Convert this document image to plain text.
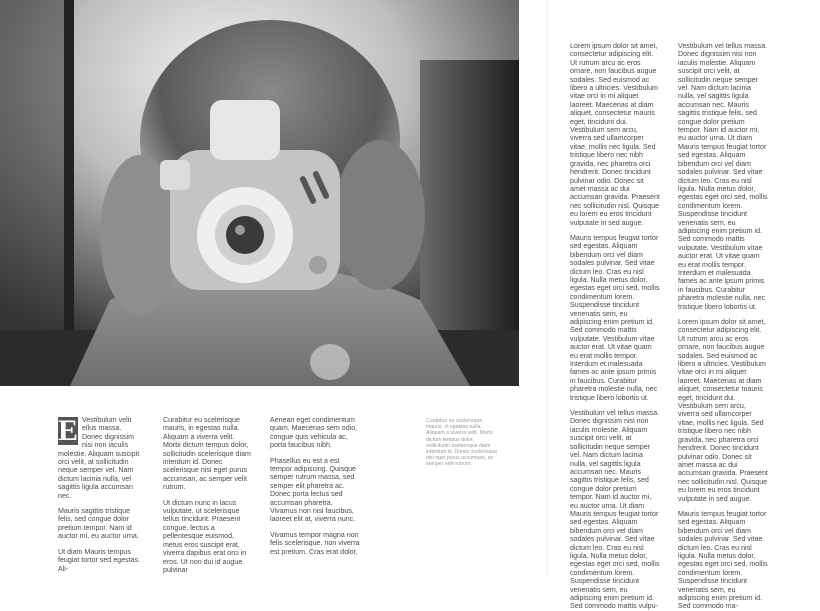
E Vestibulum velit ellus massa. Donec dignissim nisi non iaculis molestie. Aliquam suscipit orci velit, at sollicitudin neque semper vel. Nam dictum lacinia nulla, vel sagittis ligula accumsan nec.

Mauris sagittis tristique felis, sed congue dolor pretium tempor. Nam id auctor mi, eu auctor urna.

Ut diam Mauris tempus feugiat tortor sed egestas. Ali-

Curabitur eu scelerisque mauris, in egestas nulla. Aliquam a viverra velit. Morbi dictum tempus dolor, sollicitudin scelerisque diam interdum id. Donec scelerisque nisi eget purus accumsan, ac semper velit rutrum.

Ut dictum nunc in lacus vulputate, ut scelerisque tellus tincidunt. Praesent congue, lectus a pellentesque euismod, metus eros suscipit erat, viverra dapibus erat orci in eros. Ut non dui id augue pulvinar

Aenean eget condimentum quam. Maecenas sem odio, congue quis vehicula ac, porta faucibus nibh.

Phasellus eu est a est tempor adipiscing. Quisque semper rutrum massa, sed semper elit pharetra ac. Donec porta lectus sed accumsan pharetra. Vivamus non nisi faucibus, laoreet elit at, viverra nunc.

Vivamus tempor magna non felis scelerisque, non viverra est pretium. Cras erat dolor,

Curabitur eu scelerisque mauris, in egestas nulla. Aliquam a viverra velit. Morbi dictum tempus dolor, sollicitudin scelerisque diam interdum id. Donec scelerisque nisi eget purus accumsan, ac semper velit rutrum.

Lorem ipsum dolor sit amet, consectetur adipiscing elit. Ut rutrum arcu ac eros ornare, non faucibus augue sodales. Sed euismod ac libero a ultricies. Vestibulum vitae orci in mi aliquet laoreet. Maecenas at diam aliquet, consectetur mauris eget, tincidunt dui. Vestibulum sem arcu, viverra sed ullamcorper vitae, mollis nec ligula. Sed tristique libero nec nibh gravida, nec pharetra orci hendrerit. Donec tincidunt pulvinar odio. Donec sit amet massa ac dui accumsan gravida. Praesent nec sollicitudin nisl. Quisque eu lorem eu eros tincidunt vulputate in sed augue.

Mauris tempus feugiat tortor sed egestas. Aliquam bibendum orci vel diam sodales pulvinar. Sed vitae dictum leo. Cras eu nisl ligula. Nulla metus dolor, egestas eget orci sed, mollis condimentum lorem. Suspendisse tincidunt venenatis sem, eu adipiscing enim pretium id. Sed commodo mattis vulputate. Vestibulum vitae auctor erat. Ut vitae quam eu erat mollis tempor. Interdum et malesuada fames ac ante ipsum primis in faucibus. Curabitur pharetra molestie nulla, nec tristique libero lobortis ut.

Vestibulum vel tellus massa. Donec dignissim nisi non iaculis molestie. Aliquam suscipit orci velit, at sollicitudin neque semper vel. Nam dictum lacinia nulla, vel sagittis ligula accumsan nec. Mauris sagittis tristique felis, sed congue dolor pretium tempor. Nam id auctor mi, eu auctor urna. Ut diam Mauris tempus feugiat tortor sed egestas. Aliquam bibendum orci vel diam sodales pulvinar. Sed vitae dictum leo. Cras eu nisl ligula. Nulla metus dolor, egestas eget orci sed, mollis condimentum lorem. Suspendisse tincidunt venenatis sem, eu adipiscing enim pretium id. Sed commodo mattis vulpu-

Vestibulum vel tellus massa. Donec dignissim nisi non iaculis molestie. Aliquam suscipit orci velit, at sollicitudin neque semper vel. Nam dictum lacinia nulla, vel sagittis ligula accumsan nec. Mauris sagittis tristique felis, sed congue dolor pretium tempor. Nam id auctor mi, eu auctor urna. Ut diam Mauris tempus feugiat tortor sed egestas. Aliquam bibendum orci vel diam sodales pulvinar. Sed vitae dictum leo. Cras eu nisl ligula. Nulla metus dolor, egestas eget orci sed, mollis condimentum lorem. Suspendisse tincidunt venenatis sem, eu adipiscing enim pretium id. Sed commodo mattis vulputate. Vestibulum vitae auctor erat. Ut vitae quam eu erat mollis tempor. Interdum et malesuada fames ac ante ipsum primis in faucibus. Curabitur pharetra molestie nulla, nec tristique libero lobortis ut.

Lorem ipsum dolor sit amet, consectetur adipiscing elit. Ut rutrum arcu ac eros ornare, non faucibus augue sodales. Sed euismod ac libero a ultricies. Vestibulum vitae orci in mi aliquet laoreet. Maecenas at diam aliquet, consectetur mauris eget, tincidunt dui. Vestibulum sem arcu, viverra sed ullamcorper vitae, mollis nec ligula. Sed tristique libero nec nibh gravida, nec pharetra orci hendrerit. Donec tincidunt pulvinar odio. Donec sit amet massa ac dui accumsan gravida. Praesent nec sollicitudin nisl. Quisque eu lorem eu eros tincidunt vulputate in sed augue.

Mauris tempus feugiat tortor sed egestas. Aliquam bibendum orci vel diam sodales pulvinar. Sed vitae dictum leo. Cras eu nisl ligula. Nulla metus dolor, egestas eget orci sed, mollis condimentum lorem. Suspendisse tincidunt venenatis sem, eu adipiscing enim pretium id. Sed commodo ma-
